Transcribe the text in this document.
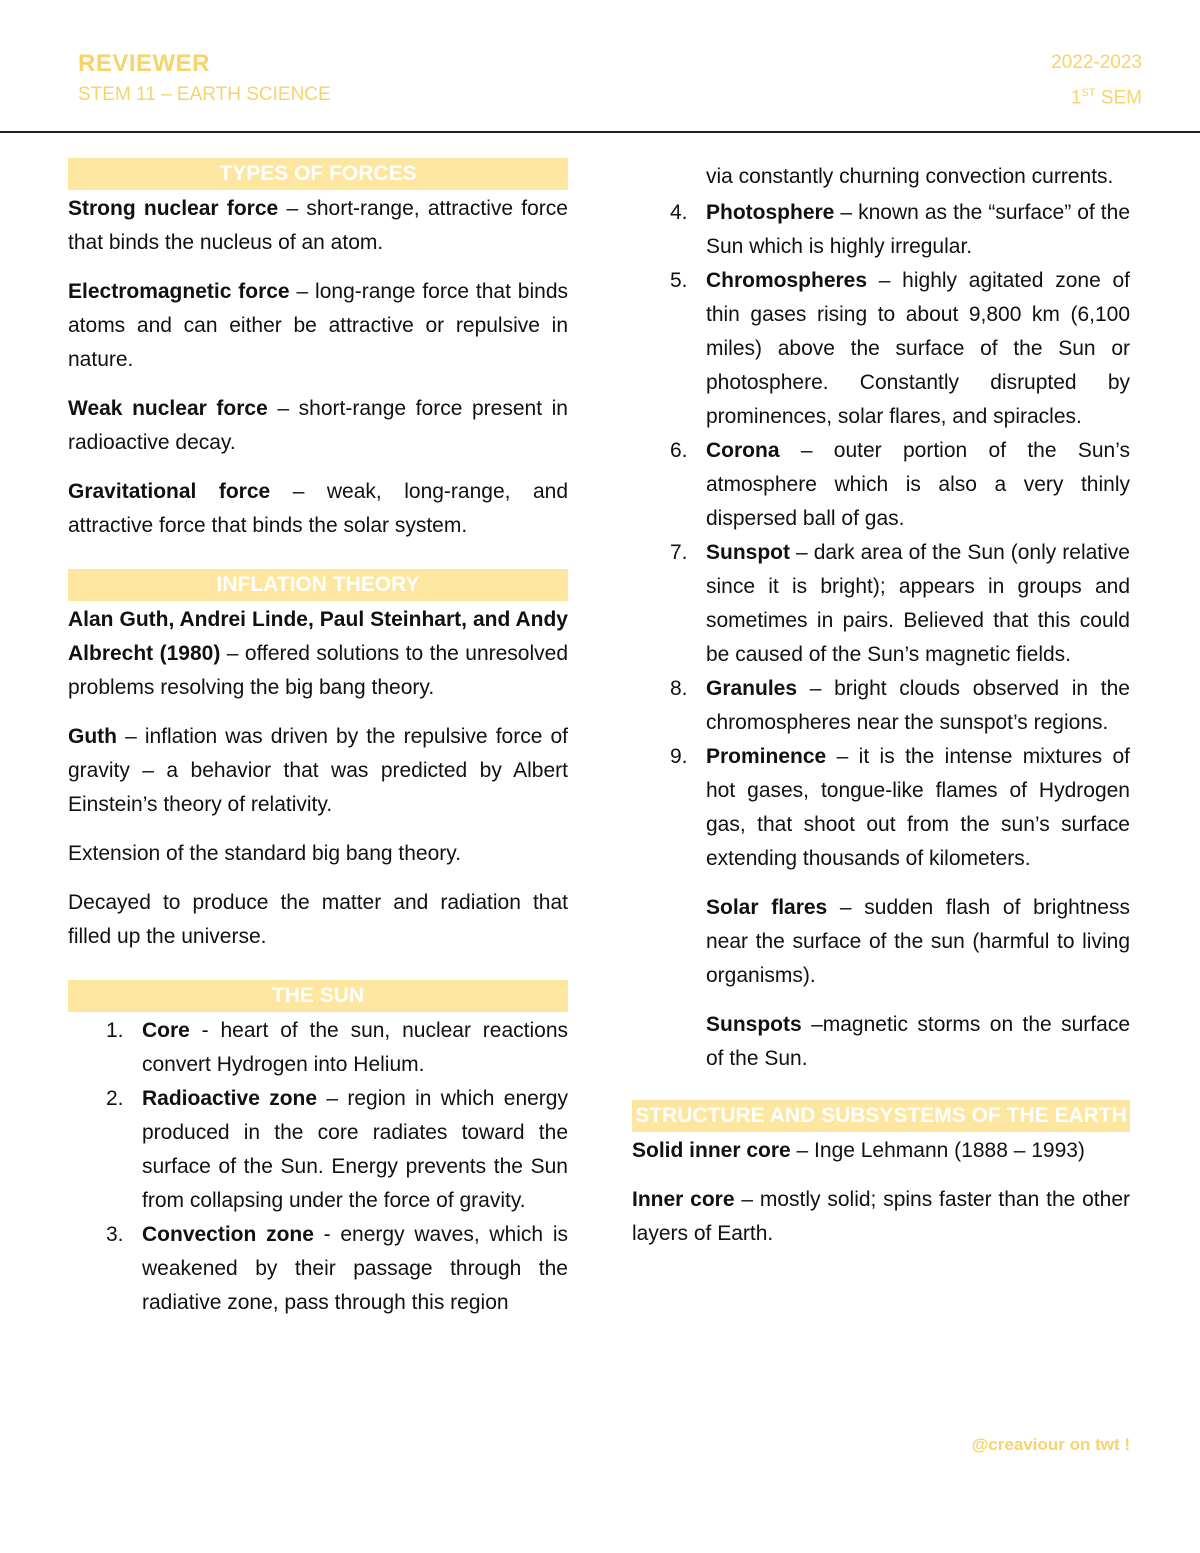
REVIEWER
STEM 11 – EARTH SCIENCE
2022-2023
1ST SEM
TYPES OF FORCES

Strong nuclear force – short-range, attractive force that binds the nucleus of an atom.

Electromagnetic force – long-range force that binds atoms and can either be attractive or repulsive in nature.

Weak nuclear force – short-range force present in radioactive decay.

Gravitational force – weak, long-range, and attractive force that binds the solar system.

INFLATION THEORY

Alan Guth, Andrei Linde, Paul Steinhart, and Andy Albrecht (1980) – offered solutions to the unresolved problems resolving the big bang theory.

Guth – inflation was driven by the repulsive force of gravity – a behavior that was predicted by Albert Einstein’s theory of relativity.

Extension of the standard big bang theory.

Decayed to produce the matter and radiation that filled up the universe.

THE SUN
1. Core - heart of the sun, nuclear reactions convert Hydrogen into Helium.
2. Radioactive zone – region in which energy produced in the core radiates toward the surface of the Sun. Energy prevents the Sun from collapsing under the force of gravity.
3. Convection zone - energy waves, which is weakened by their passage through the radiative zone, pass through this region
via constantly churning convection currents.
4. Photosphere – known as the “surface” of the Sun which is highly irregular.
5. Chromospheres – highly agitated zone of thin gases rising to about 9,800 km (6,100 miles) above the surface of the Sun or photosphere. Constantly disrupted by prominences, solar flares, and spiracles.
6. Corona – outer portion of the Sun’s atmosphere which is also a very thinly dispersed ball of gas.
7. Sunspot – dark area of the Sun (only relative since it is bright); appears in groups and sometimes in pairs. Believed that this could be caused of the Sun’s magnetic fields.
8. Granules – bright clouds observed in the chromospheres near the sunspot’s regions.
9. Prominence – it is the intense mixtures of hot gases, tongue-like flames of Hydrogen gas, that shoot out from the sun’s surface extending thousands of kilometers.

Solar flares – sudden flash of brightness near the surface of the sun (harmful to living organisms).

Sunspots –magnetic storms on the surface of the Sun.

STRUCTURE AND SUBSYSTEMS OF THE EARTH

Solid inner core – Inge Lehmann (1888 – 1993)

Inner core – mostly solid; spins faster than the other layers of Earth.

@creaviour on twt !
